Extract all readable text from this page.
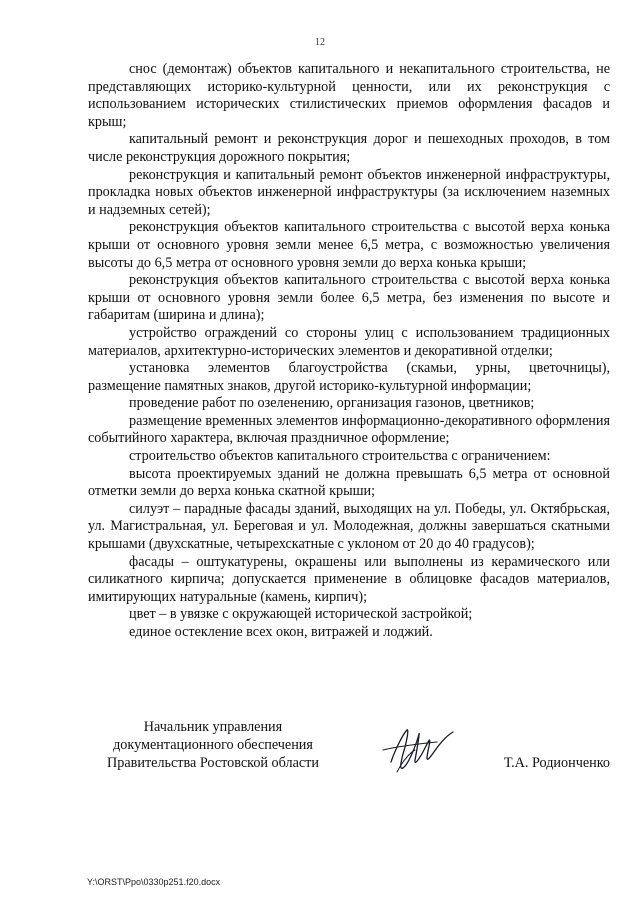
12

снос (демонтаж) объектов капитального и некапитального строительства, не представляющих историко-культурной ценности, или их реконструкция с использованием исторических стилистических приемов оформления фасадов и крыш;

капитальный ремонт и реконструкция дорог и пешеходных проходов, в том числе реконструкция дорожного покрытия;

реконструкция и капитальный ремонт объектов инженерной инфраструктуры, прокладка новых объектов инженерной инфраструктуры (за исключением наземных и надземных сетей);

реконструкция объектов капитального строительства с высотой верха конька крыши от основного уровня земли менее 6,5 метра, с возможностью увеличения высоты до 6,5 метра от основного уровня земли до верха конька крыши;

реконструкция объектов капитального строительства с высотой верха конька крыши от основного уровня земли более 6,5 метра, без изменения по высоте и габаритам (ширина и длина);

устройство ограждений со стороны улиц с использованием традиционных материалов, архитектурно-исторических элементов и декоративной отделки;

установка элементов благоустройства (скамьи, урны, цветочницы), размещение памятных знаков, другой историко-культурной информации;

проведение работ по озеленению, организация газонов, цветников;

размещение временных элементов информационно-декоративного оформления событийного характера, включая праздничное оформление;

строительство объектов капитального строительства с ограничением:

высота проектируемых зданий не должна превышать 6,5 метра от основной отметки земли до верха конька скатной крыши;

силуэт – парадные фасады зданий, выходящих на ул. Победы, ул. Октябрьская, ул. Магистральная, ул. Береговая и ул. Молодежная, должны завершаться скатными крышами (двухскатные, четырехскатные с уклоном от 20 до 40 градусов);

фасады – оштукатурены, окрашены или выполнены из керамического или силикатного кирпича; допускается применение в облицовке фасадов материалов, имитирующих натуральные (камень, кирпич);

цвет – в увязке с окружающей исторической застройкой;

единое остекление всех окон, витражей и лоджий.

Начальник управления
документационного обеспечения
Правительства Ростовской области	Т.А. Родионченко
Y:\ORST\Ppo\0330p251.f20.docx
